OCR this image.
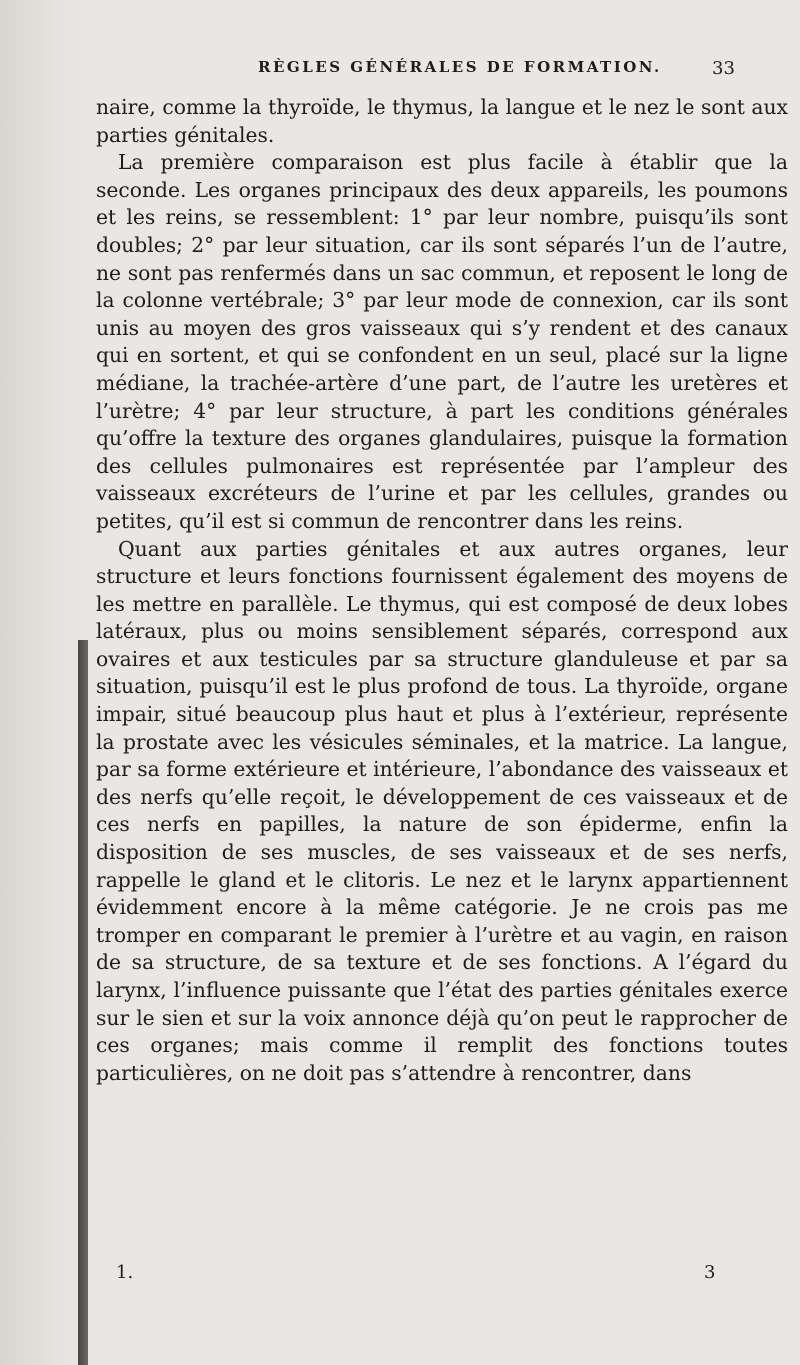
RÈGLES GÉNÉRALES DE FORMATION.	33

naire, comme la thyroïde, le thymus, la langue et le nez le sont aux parties génitales.

La première comparaison est plus facile à établir que la seconde. Les organes principaux des deux appareils, les poumons et les reins, se ressemblent: 1° par leur nombre, puisqu’ils sont doubles; 2° par leur situation, car ils sont séparés l’un de l’autre, ne sont pas renfermés dans un sac commun, et reposent le long de la colonne vertébrale; 3° par leur mode de connexion, car ils sont unis au moyen des gros vaisseaux qui s’y rendent et des canaux qui en sortent, et qui se confondent en un seul, placé sur la ligne médiane, la trachée-artère d’une part, de l’autre les uretères et l’urètre; 4° par leur structure, à part les conditions générales qu’offre la texture des organes glandulaires, puisque la formation des cellules pulmonaires est représentée par l’ampleur des vaisseaux excréteurs de l’urine et par les cellules, grandes ou petites, qu’il est si commun de rencontrer dans les reins.

Quant aux parties génitales et aux autres organes, leur structure et leurs fonctions fournissent également des moyens de les mettre en parallèle. Le thymus, qui est composé de deux lobes latéraux, plus ou moins sensiblement séparés, correspond aux ovaires et aux testicules par sa structure glanduleuse et par sa situation, puisqu’il est le plus profond de tous. La thyroïde, organe impair, situé beaucoup plus haut et plus à l’extérieur, représente la prostate avec les vésicules séminales, et la matrice. La langue, par sa forme extérieure et intérieure, l’abondance des vaisseaux et des nerfs qu’elle reçoit, le développement de ces vaisseaux et de ces nerfs en papilles, la nature de son épiderme, enfin la disposition de ses muscles, de ses vaisseaux et de ses nerfs, rappelle le gland et le clitoris. Le nez et le larynx appartiennent évidemment encore à la même catégorie. Je ne crois pas me tromper en comparant le premier à l’urètre et au vagin, en raison de sa structure, de sa texture et de ses fonctions. A l’égard du larynx, l’influence puissante que l’état des parties génitales exerce sur le sien et sur la voix annonce déjà qu’on peut le rapprocher de ces organes; mais comme il remplit des fonctions toutes particulières, on ne doit pas s’attendre à rencontrer, dans

1.	3
